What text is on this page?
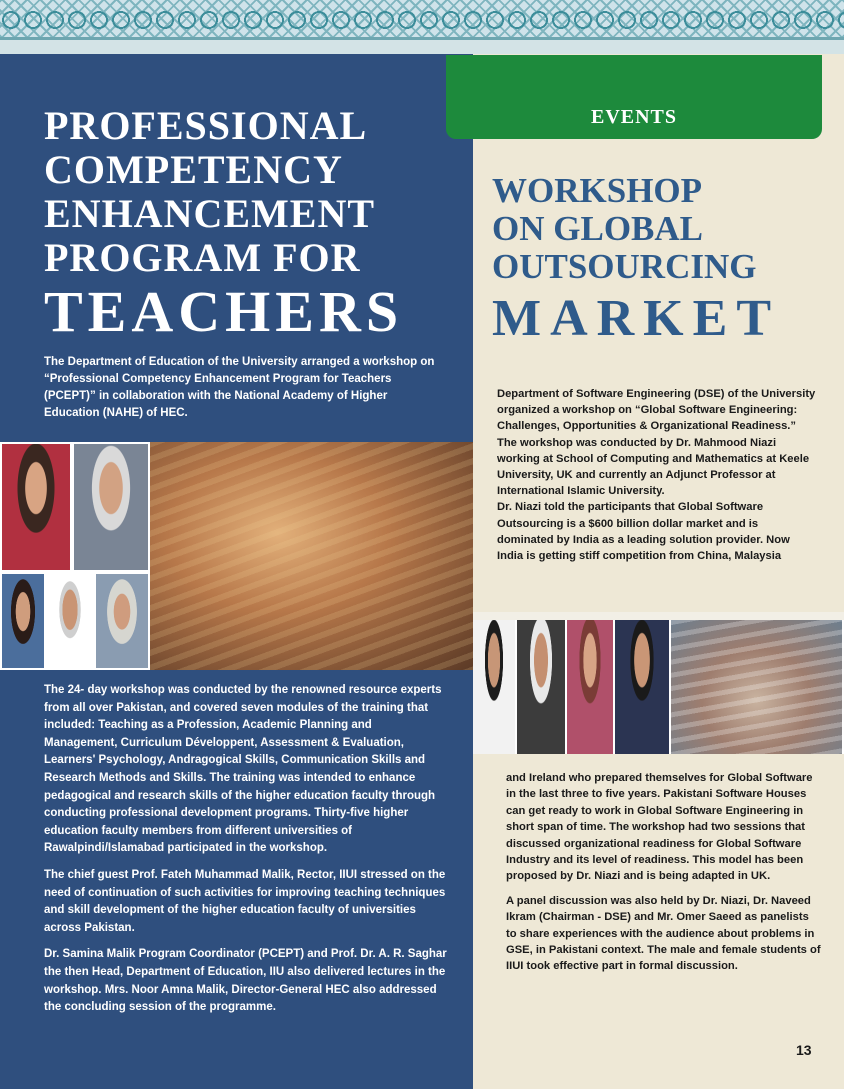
PROFESSIONAL
COMPETENCY
ENHANCEMENT
PROGRAM FOR
TEACHERS

The Department of Education of the University arranged a workshop on “Professional Competency Enhancement Program for Teachers (PCEPT)” in collaboration with the National Academy of Higher Education (NAHE) of HEC.

The 24- day workshop was conducted by the renowned resource experts from all over Pakistan, and covered seven modules of the training that included: Teaching as a Profession, Academic Planning and Management, Curriculum Développent, Assessment & Evaluation, Learners' Psychology, Andragogical Skills, Communication Skills and Research Methods and Skills. The training was intended to enhance pedagogical and research skills of the higher education faculty through conducting professional development programs. Thirty-five higher education faculty members from different universities of Rawalpindi/Islamabad participated in the workshop.

The chief guest Prof. Fateh Muhammad Malik, Rector, IIUI stressed on the need of continuation of such activities for improving teaching techniques and skill development of the higher education faculty of universities across Pakistan.

Dr. Samina Malik Program Coordinator (PCEPT) and Prof. Dr. A. R. Saghar the then Head, Department of Education, IIU also delivered lectures in the workshop. Mrs. Noor Amna Malik, Director-General HEC also addressed the concluding session of the programme.

EVENTS
WORKSHOP
ON GLOBAL
OUTSOURCING
MARKET

Department of Software Engineering (DSE) of the University organized a workshop on “Global Software Engineering: Challenges, Opportunities & Organizational Readiness.”
The workshop was conducted by Dr. Mahmood Niazi working at School of Computing and Mathematics at Keele University, UK and currently an Adjunct Professor at International Islamic University.
Dr. Niazi told the participants that Global Software Outsourcing is a $600 billion dollar market and is dominated by India as a leading solution provider. Now India is getting stiff competition from China, Malaysia

and Ireland who prepared themselves for Global Software in the last three to five years. Pakistani Software Houses can get ready to work in Global Software Engineering in short span of time. The workshop had two sessions that discussed organizational readiness for Global Software Industry and its level of readiness. This model has been proposed by Dr. Niazi and is being adapted in UK.

A panel discussion was also held by Dr. Niazi, Dr. Naveed Ikram (Chairman - DSE) and Mr. Omer Saeed as panelists to share experiences with the audience about problems in GSE, in Pakistani context. The male and female students of IIUI took effective part in formal discussion.

13
